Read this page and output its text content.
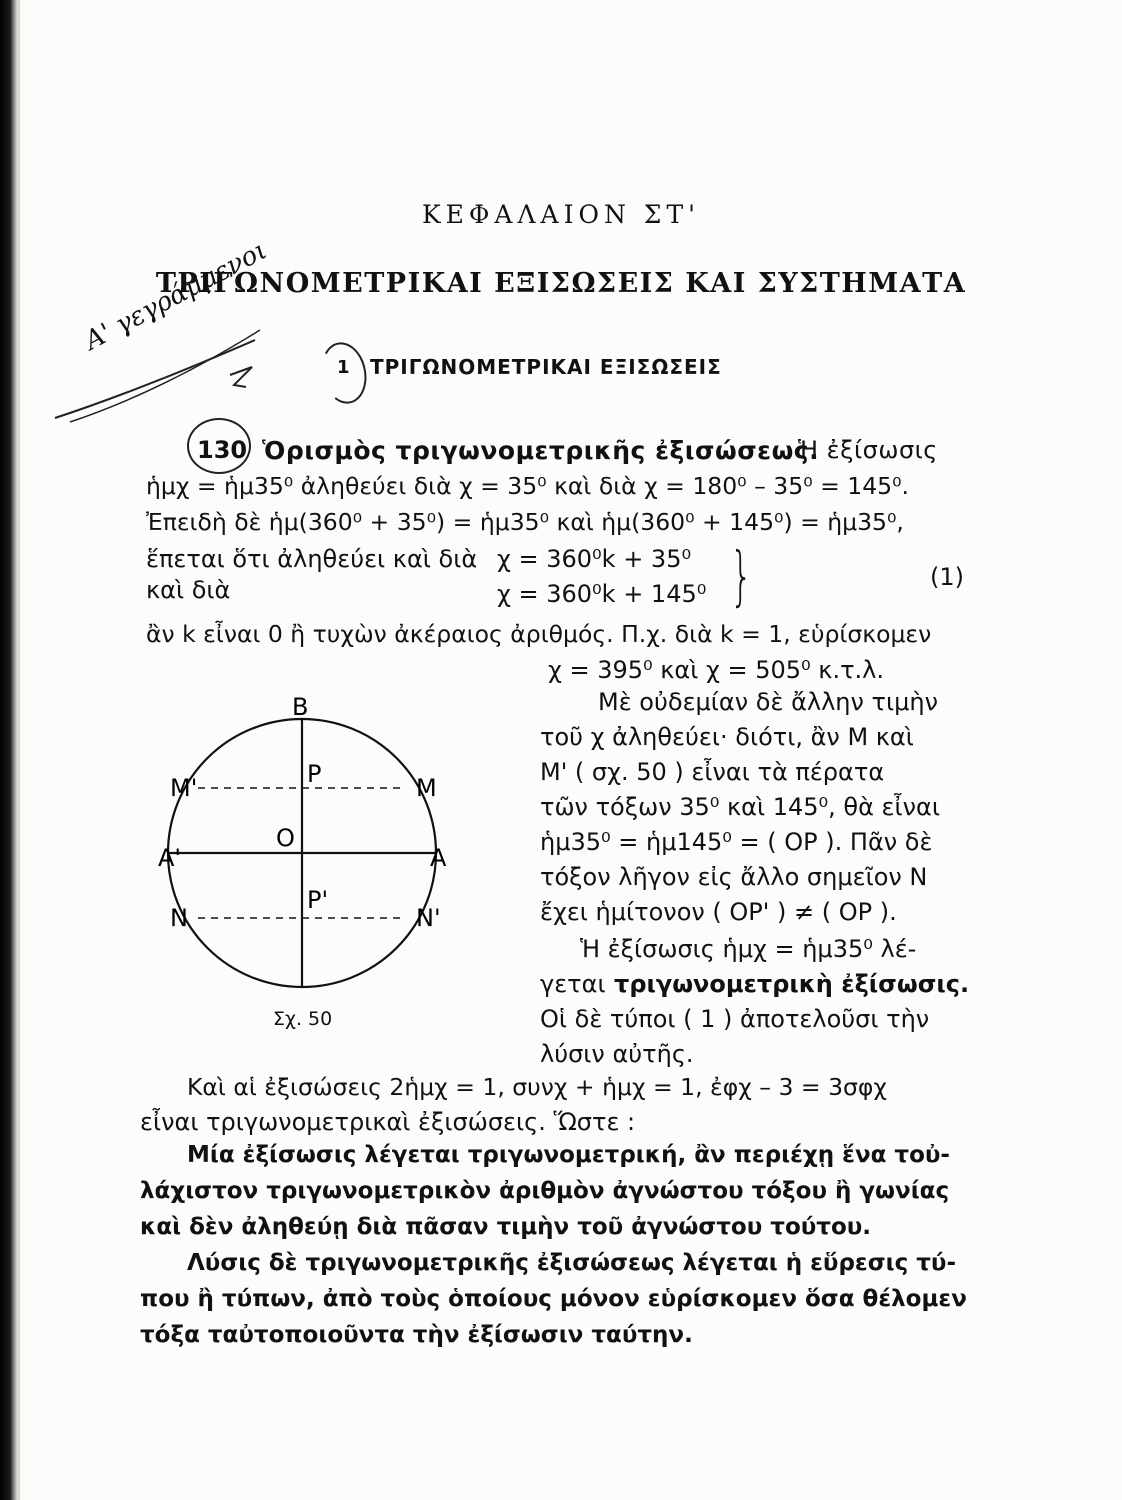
ΚΕΦΑΛΑΙΟΝ ΣΤ'
ΤΡΙΓΩΝΟΜΕΤΡΙΚΑΙ ΕΞΙΣΩΣΕΙΣ ΚΑΙ ΣΥΣΤΗΜΑΤΑ
Α' γεγράμμενοι
1 ΤΡΙΓΩΝΟΜΕΤΡΙΚΑΙ ΕΞΙΣΩΣΕΙΣ
130 Ὁρισμὸς τριγωνομετρικῆς ἐξισώσεως.
Ἡ ἐξίσωσις
ἡμχ = ἡμ35⁰ ἀληθεύει διὰ χ = 35⁰ καὶ διὰ χ = 180⁰ – 35⁰ = 145⁰.
Ἐπειδὴ δὲ ἡμ(360⁰ + 35⁰) = ἡμ35⁰ καὶ ἡμ(360⁰ + 145⁰) = ἡμ35⁰,
ἕπεται ὅτι ἀληθεύει καὶ διὰ χ = 360⁰k + 35⁰
καὶ διὰ	χ = 360⁰k + 145⁰ }	(1)
ἂν k εἶναι 0 ἢ τυχὼν ἀκέραιος ἀριθμός. Π.χ. διὰ k = 1, εὑρίσκομεν
χ = 395⁰ καὶ χ = 505⁰ κ.τ.λ.
Μὲ οὐδεμίαν δὲ ἄλλην τιμὴν
τοῦ χ ἀληθεύει· διότι, ἂν Μ καὶ
Μ' ( σχ. 50 ) εἶναι τὰ πέρατα
τῶν τόξων 35⁰ καὶ 145⁰, θὰ εἶναι
ἡμ35⁰ = ἡμ145⁰ = ( ΟΡ ). Πᾶν δὲ
τόξον λῆγον εἰς ἄλλο σημεῖον Ν
ἔχει ἡμίτονον ( ΟΡ' ) ≠ ( ΟΡ ).
Ἡ ἐξίσωσις ἡμχ = ἡμ35⁰ λέ-
γεται τριγωνομετρικὴ ἐξίσωσις.
Οἱ δὲ τύποι ( 1 ) ἀποτελοῦσι τὴν
λύσιν αὐτῆς.
Β
Μ'	Μ
Ρ
Ο
Α'	Α
Ν
Ρ'
Ν'
Σχ. 50
Καὶ αἱ ἐξισώσεις 2ἡμχ = 1, συνχ + ἡμχ = 1, ἐφχ – 3 = 3σφχ
εἶναι τριγωνομετρικαὶ ἐξισώσεις. Ὥστε :
Μία ἐξίσωσις λέγεται τριγωνομετρική, ἂν περιέχῃ ἕνα τοὐ-
λάχιστον τριγωνομετρικὸν ἀριθμὸν ἀγνώστου τόξου ἢ γωνίας
καὶ δὲν ἀληθεύῃ διὰ πᾶσαν τιμὴν τοῦ ἀγνώστου τούτου.
Λύσις δὲ τριγωνομετρικῆς ἐξισώσεως λέγεται ἡ εὕρεσις τύ-
που ἢ τύπων, ἀπὸ τοὺς ὁποίους μόνον εὑρίσκομεν ὅσα θέλομεν
τόξα ταὐτοποιοῦντα τὴν ἐξίσωσιν ταύτην.
